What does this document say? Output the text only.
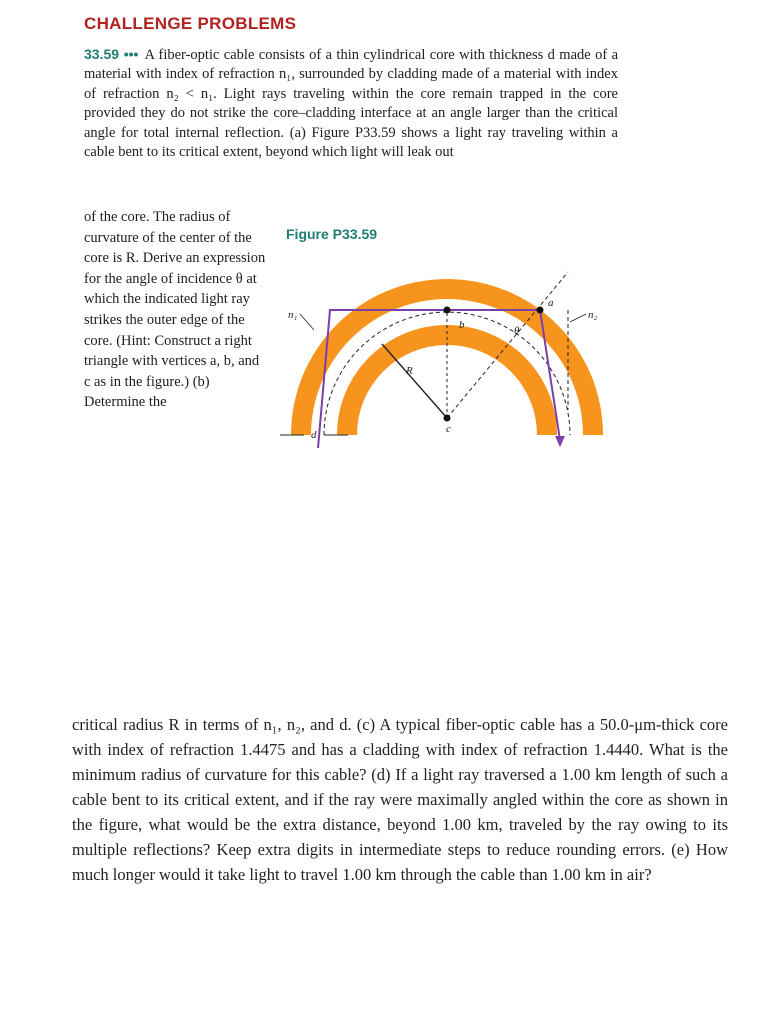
CHALLENGE PROBLEMS
33.59 ••• A fiber-optic cable consists of a thin cylindrical core with thickness d made of a material with index of refraction n₁, surrounded by cladding made of a material with index of refraction n₂ < n₁. Light rays traveling within the core remain trapped in the core provided they do not strike the core–cladding interface at an angle larger than the critical angle for total internal reflection. (a) Figure P33.59 shows a light ray traveling within a cable bent to its critical extent, beyond which light will leak out
of the core. The radius of curvature of the center of the core is R. Derive an expression for the angle of incidence θ at which the indicated light ray strikes the outer edge of the core. (Hint: Construct a right triangle with vertices a, b, and c as in the figure.) (b) Determine the
Figure P33.59
n₁	n₂
a
b
c
θ
R
d
critical radius R in terms of n₁, n₂, and d. (c) A typical fiber-optic cable has a 50.0-μm-thick core with index of refraction 1.4475 and has a cladding with index of refraction 1.4440. What is the minimum radius of curvature for this cable? (d) If a light ray traversed a 1.00 km length of such a cable bent to its critical extent, and if the ray were maximally angled within the core as shown in the figure, what would be the extra distance, beyond 1.00 km, traveled by the ray owing to its multiple reflections? Keep extra digits in intermediate steps to reduce rounding errors. (e) How much longer would it take light to travel 1.00 km through the cable than 1.00 km in air?
